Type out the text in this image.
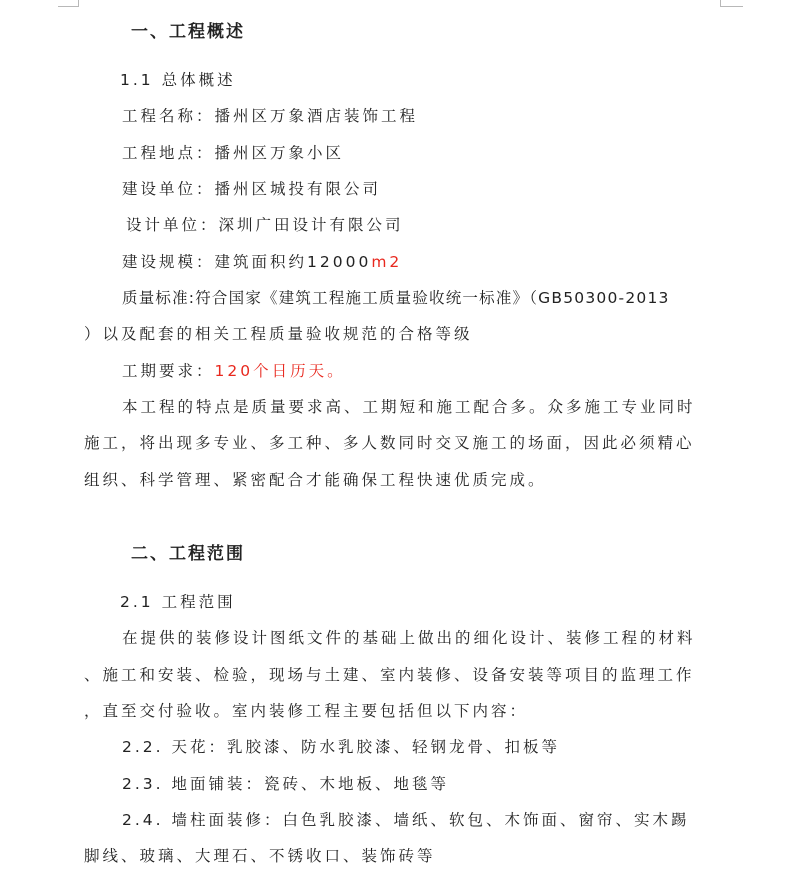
一、工程概述
1.1 总体概述
工程名称：播州区万象酒店装饰工程
工程地点：播州区万象小区
建设单位：播州区城投有限公司
设计单位：深圳广田设计有限公司
建设规模：建筑面积约12000m2
质量标准:符合国家《建筑工程施工质量验收统一标准》（GB50300-2013
）以及配套的相关工程质量验收规范的合格等级
工期要求：120个日历天。
本工程的特点是质量要求高、工期短和施工配合多。众多施工专业同时
施工，将出现多专业、多工种、多人数同时交叉施工的场面，因此必须精心
组织、科学管理、紧密配合才能确保工程快速优质完成。
二、工程范围
2.1 工程范围
在提供的装修设计图纸文件的基础上做出的细化设计、装修工程的材料
、施工和安装、检验，现场与土建、室内装修、设备安装等项目的监理工作
，直至交付验收。室内装修工程主要包括但以下内容：
2.2. 天花：乳胶漆、防水乳胶漆、轻钢龙骨、扣板等
2.3. 地面铺装：瓷砖、木地板、地毯等
2.4. 墙柱面装修：白色乳胶漆、墙纸、软包、木饰面、窗帘、实木踢
脚线、玻璃、大理石、不锈收口、装饰砖等
